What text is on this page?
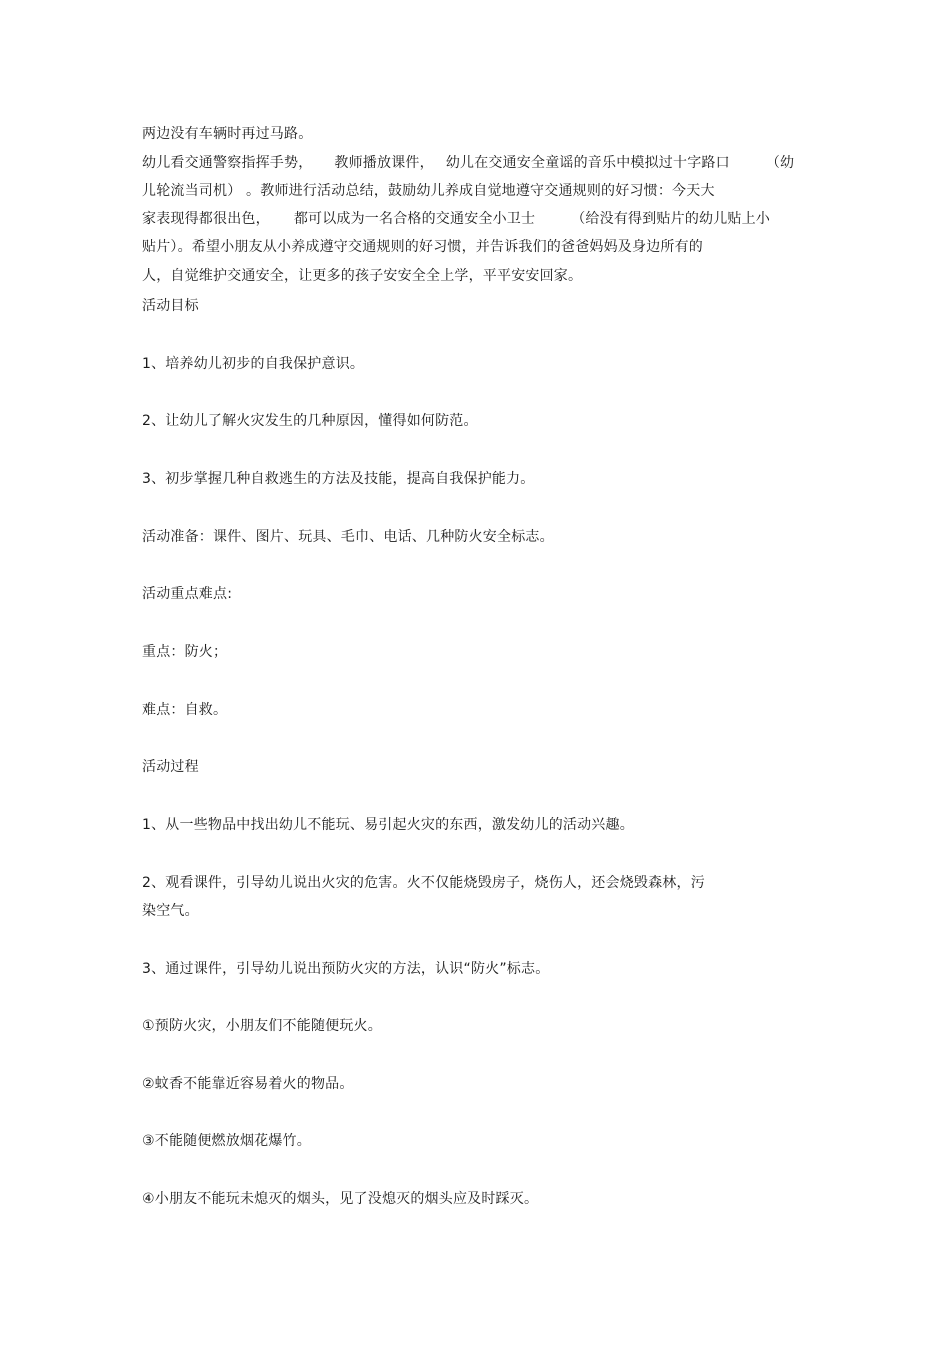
两边没有车辆时再过马路。
幼儿看交通警察指挥手势， 教师播放课件， 幼儿在交通安全童谣的音乐中模拟过十字路口	（幼
儿轮流当司机） 。教师进行活动总结，鼓励幼儿养成自觉地遵守交通规则的好习惯：今天大
家表现得都很出色， 都可以成为一名合格的交通安全小卫士	（给没有得到贴片的幼儿贴上小
贴片）。希望小朋友从小养成遵守交通规则的好习惯，并告诉我们的爸爸妈妈及身边所有的
人，自觉维护交通安全，让更多的孩子安安全全上学，平平安安回家。
活动目标
1、培养幼儿初步的自我保护意识。
2、让幼儿了解火灾发生的几种原因，懂得如何防范。
3、初步掌握几种自救逃生的方法及技能，提高自我保护能力。
活动准备：课件、图片、玩具、毛巾、电话、几种防火安全标志。
活动重点难点:
重点：防火；
难点：自救。
活动过程
1、从一些物品中找出幼儿不能玩、易引起火灾的东西，激发幼儿的活动兴趣。
2、观看课件，引导幼儿说出火灾的危害。火不仅能烧毁房子，烧伤人，还会烧毁森林，污
染空气。
3、通过课件，引导幼儿说出预防火灾的方法，认识“防火”标志。
①预防火灾，小朋友们不能随便玩火。
②蚊香不能靠近容易着火的物品。
③不能随便燃放烟花爆竹。
④小朋友不能玩未熄灭的烟头，见了没熄灭的烟头应及时踩灭。
